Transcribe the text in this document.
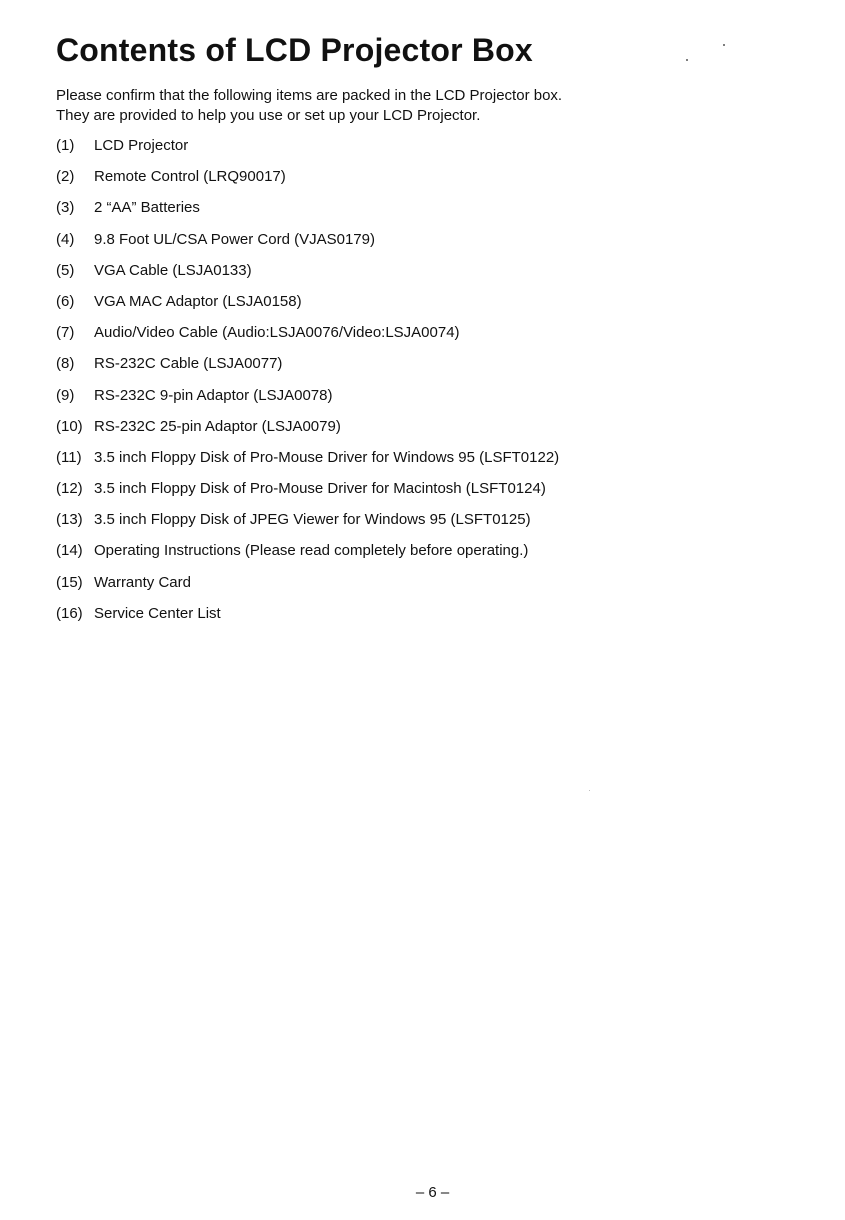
Contents of LCD Projector Box
Please confirm that the following items are packed in the LCD Projector box.
They are provided to help you use or set up your LCD Projector.
(1)	LCD Projector
(2)	Remote Control (LRQ90017)
(3)	2 “AA” Batteries
(4)	9.8 Foot UL/CSA Power Cord (VJAS0179)
(5)	VGA Cable (LSJA0133)
(6)	VGA MAC Adaptor (LSJA0158)
(7)	Audio/Video Cable (Audio:LSJA0076/Video:LSJA0074)
(8)	RS-232C Cable (LSJA0077)
(9)	RS-232C 9-pin Adaptor (LSJA0078)
(10) RS-232C 25-pin Adaptor (LSJA0079)
(11) 3.5 inch Floppy Disk of Pro-Mouse Driver for Windows 95 (LSFT0122)
(12) 3.5 inch Floppy Disk of Pro-Mouse Driver for Macintosh (LSFT0124)
(13) 3.5 inch Floppy Disk of JPEG Viewer for Windows 95 (LSFT0125)
(14) Operating Instructions (Please read completely before operating.)
(15) Warranty Card
(16) Service Center List
– 6 –
